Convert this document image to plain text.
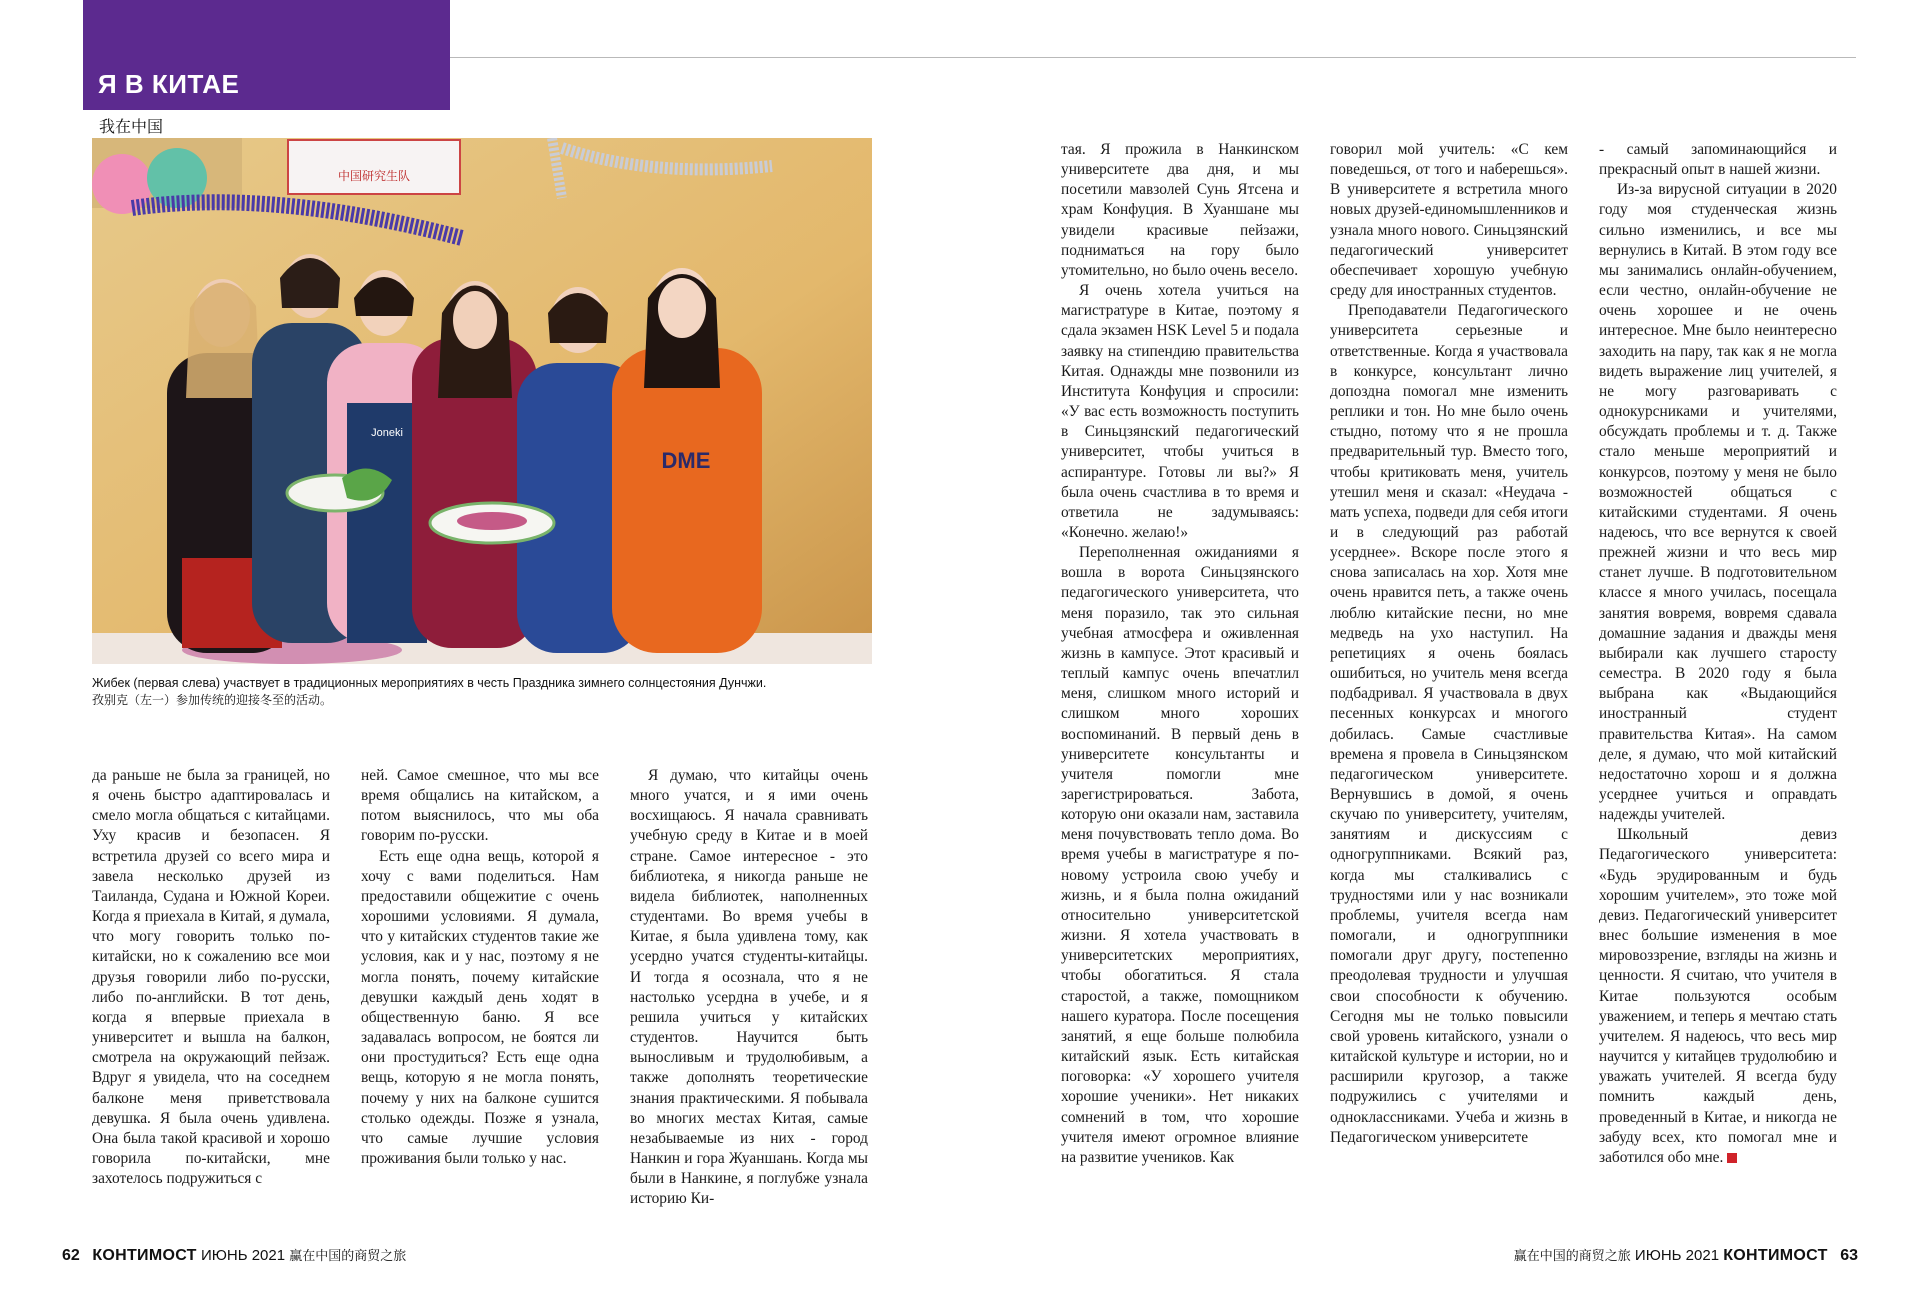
Я В КИТАЕ
我在中国
中国研究生队
Joneki
DME
Жибек (первая слева) участвует в традиционных мероприятиях в честь Праздника зимнего солнцестояния Дунчжи.
孜别克（左一）参加传统的迎接冬至的活动。

да раньше не была за границей, но я очень быстро адаптировалась и смело могла общаться с китайцами. Уху красив и безопасен. Я встретила друзей со всего мира и завела несколько друзей из Таиланда, Судана и Южной Кореи. Когда я приехала в Китай, я думала, что могу говорить только по-китайски, но к сожалению все мои друзья говорили либо по-русски, либо по-английски. В тот день, когда я впервые приехала в университет и вышла на балкон, смотрела на окружающий пейзаж. Вдруг я увидела, что на соседнем балконе меня приветствовала девушка. Я была очень удивлена. Она была такой красивой и хорошо говорила по-китайски, мне захотелось подружиться с

ней. Самое смешное, что мы все время общались на китайском, а потом выяснилось, что мы оба говорим по-русски.

Есть еще одна вещь, которой я хочу с вами поделиться. Нам предоставили общежитие с очень хорошими условиями. Я думала, что у китайских студентов такие же условия, как и у нас, поэтому я не могла понять, почему китайские девушки каждый день ходят в общественную баню. Я все задавалась вопросом, не боятся ли они простудиться? Есть еще одна вещь, которую я не могла понять, почему у них на балконе сушится столько одежды. Позже я узнала, что самые лучшие условия проживания были только у нас.

Я думаю, что китайцы очень много учатся, и я ими очень восхищаюсь. Я начала сравнивать учебную среду в Китае и в моей стране. Самое интересное - это библиотека, я никогда раньше не видела библиотек, наполненных студентами. Во время учебы в Китае, я была удивлена тому, как усердно учатся студенты-китайцы. И тогда я осознала, что я не настолько усердна в учебе, и я решила учиться у китайских студентов. Научится быть выносливым и трудолюбивым, а также дополнять теоретические знания практическими. Я побывала во многих местах Китая, самые незабываемые из них - город Нанкин и гора Жуаншань. Когда мы были в Нанкине, я поглубже узнала историю Ки-

тая. Я прожила в Нанкинском университете два дня, и мы посетили мавзолей Сунь Ятсена и храм Конфуция. В Хуаншане мы увидели красивые пейзажи, подниматься на гору было утомительно, но было очень весело.

Я очень хотела учиться на магистратуре в Китае, поэтому я сдала экзамен HSK Level 5 и подала заявку на стипендию правительства Китая. Однажды мне позвонили из Института Конфуция и спросили: «У вас есть возможность поступить в Синьцзянский педагогический университет, чтобы учиться в аспирантуре. Готовы ли вы?» Я была очень счастлива в то время и ответила не задумываясь: «Конечно. желаю!»

Переполненная ожиданиями я вошла в ворота Синьцзянского педагогического университета, что меня поразило, так это сильная учебная атмосфера и оживленная жизнь в кампусе. Этот красивый и теплый кампус очень впечатлил меня, слишком много историй и слишком много хороших воспоминаний. В первый день в университете консультанты и учителя помогли мне зарегистрироваться. Забота, которую они оказали нам, заставила меня почувствовать тепло дома. Во время учебы в магистратуре я по-новому устроила свою учебу и жизнь, и я была полна ожиданий относительно университетской жизни. Я хотела участвовать в университетских мероприятиях, чтобы обогатиться. Я стала старостой, а также, помощником нашего куратора. После посещения занятий, я еще больше полюбила китайский язык. Есть китайская поговорка: «У хорошего учителя хорошие ученики». Нет никаких сомнений в том, что хорошие учителя имеют огромное влияние на развитие учеников. Как

говорил мой учитель: «С кем поведешься, от того и наберешься». В университете я встретила много новых друзей-единомышленников и узнала много нового. Синьцзянский педагогический университет обеспечивает хорошую учебную среду для иностранных студентов.

Преподаватели Педагогического университета серьезные и ответственные. Когда я участвовала в конкурсе, консультант лично допоздна помогал мне изменить реплики и тон. Но мне было очень стыдно, потому что я не прошла предварительный тур. Вместо того, чтобы критиковать меня, учитель утешил меня и сказал: «Неудача - мать успеха, подведи для себя итоги и в следующий раз работай усерднее». Вскоре после этого я снова записалась на хор. Хотя мне очень нравится петь, а также очень люблю китайские песни, но мне медведь на ухо наступил. На репетициях я очень боялась ошибиться, но учитель меня всегда подбадривал. Я участвовала в двух песенных конкурсах и многого добилась. Самые счастливые времена я провела в Синьцзянском педагогическом университете. Вернувшись в домой, я очень скучаю по университету, учителям, занятиям и дискуссиям с одногруппниками. Всякий раз, когда мы сталкивались с трудностями или у нас возникали проблемы, учителя всегда нам помогали, и одногруппники помогали друг другу, постепенно преодолевая трудности и улучшая свои способности к обучению. Сегодня мы не только повысили свой уровень китайского, узнали о китайской культуре и истории, но и расширили кругозор, а также подружились с учителями и одноклассниками. Учеба и жизнь в Педагогическом университете

- самый запоминающийся и прекрасный опыт в нашей жизни.

Из-за вирусной ситуации в 2020 году моя студенческая жизнь сильно изменились, и все мы вернулись в Китай. В этом году все мы занимались онлайн-обучением, если честно, онлайн-обучение не очень хорошее и не очень интересное. Мне было неинтересно заходить на пару, так как я не могла видеть выражение лиц учителей, я не могу разговаривать с однокурсниками и учителями, обсуждать проблемы и т. д. Также стало меньше мероприятий и конкурсов, поэтому у меня не было возможностей общаться с китайскими студентами. Я очень надеюсь, что все вернутся к своей прежней жизни и что весь мир станет лучше. В подготовительном классе я много училась, посещала занятия вовремя, вовремя сдавала домашние задания и дважды меня выбирали как лучшего старосту семестра. В 2020 году я была выбрана как «Выдающийся иностранный студент правительства Китая». На самом деле, я думаю, что мой китайский недостаточно хорош и я должна усерднее учиться и оправдать надежды учителей.

Школьный девиз Педагогического университета: «Будь эрудированным и будь хорошим учителем», это тоже мой девиз. Педагогический университет внес большие изменения в мое мировоззрение, взгляды на жизнь и ценности. Я считаю, что учителя в Китае пользуются особым уважением, и теперь я мечтаю стать учителем. Я надеюсь, что весь мир научится у китайцев трудолюбию и уважать учителей. Я всегда буду помнить каждый день, проведенный в Китае, и никогда не забуду всех, кто помогал мне и заботился обо мне.

62 КОНТИМОСТ ИЮНЬ 2021 赢在中国的商贸之旅	赢在中国的商贸之旅 ИЮНЬ 2021 КОНТИМОСТ 63
